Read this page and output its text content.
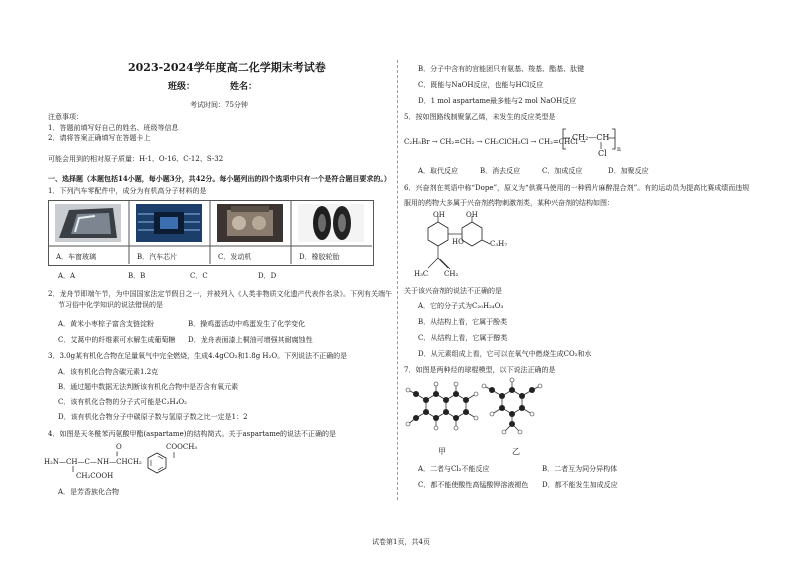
2023-2024学年度高二化学期末考试卷
班级：	姓名：
考试时间：75分钟
注意事项：
1．答题前填写好自己的姓名、班级等信息
2．请将答案正确填写在答题卡上
可能会用到的相对原子质量：H-1、O-16、C-12、S-32
一、选择题（本题包括14小题，每小题3分，共42分。每小题列出的四个选项中只有一个是符合题目要求的。）
1．下列汽车零配件中，成分为有机高分子材料的是
A．车窗玻璃	B．汽车芯片	C．发动机	D．橡胶轮胎
A．A	B．B	C．C	D．D
2．龙舟节即端午节，为中国国家法定节假日之一，并被列入《人类非物质文化遗产代表作名录》。下列有关端午
节习俗中化学知识的说法错误的是
A．黄米小枣棕子富含支链淀粉	B．操鸡蛋活动中鸡蛋发生了化学变化
C．艾蒿中的纤维素可水解生成葡萄糖 D．龙舟表面漆上桐油可增强其耐腐蚀性
3．3.0g某有机化合物在足量氧气中完全燃烧，生成4.4gCO₂和1.8g H₂O。下列说法不正确的是
A．该有机化合物含碳元素1.2克
B．通过题中数据无法判断该有机化合物中是否含有氧元素
C．该有机化合物的分子式可能是C₂H₄O₂
D．该有机化合物分子中碳原子数与氢原子数之比一定是1：2
4．如图是天冬酰苯丙氨酸甲酯(aspartame)的结构简式。关于aspartame的说法不正确的是
O
‖
COOCH₃
H₂N—CH—C—NH—CHCH₂
CH₂COOH
A．是芳香族化合物
B．分子中含有的官能团只有氨基、羧基、酯基、肽键
C．既能与NaOH反应，也能与HCl反应
D．1 mol aspartame最多能与2 mol NaOH反应
5．按如图路线制聚氯乙烯，未发生的反应类型是
C₂H₅Br → CH₂=CH₂ → CH₂ClCH₂Cl → CH₂=CHCl →
CH₂—CH
Cl n
A．取代反应	B．消去反应	C．加成反应	D．加聚反应
6．兴奋剂在英语中称“Dope”，原义为“供赛马使用的一种鸦片麻醉混合剂”。有的运动员为提高比赛成绩而违规
服用的药物大多属于兴奋剂药物刺激剂类，某种兴奋剂的结构如图：
OH	OH
HO	C₃H₇
H₃C CH₂
关于该兴奋剂的说法不正确的是
A．它的分子式为C₂₀H₂₄O₃
B．从结构上看，它属于酚类
C．从结构上看，它属于醇类
D．从元素组成上看，它可以在氧气中燃烧生成CO₂和水
7．如图是两种烃的球棍模型，以下说法正确的是
甲	乙
A．二者与Cl₂不能反应	B．二者互为同分异构体
C．都不能使酸性高锰酸钾溶液褪色 D．都不能发生加成反应
试卷第1页，共4页
